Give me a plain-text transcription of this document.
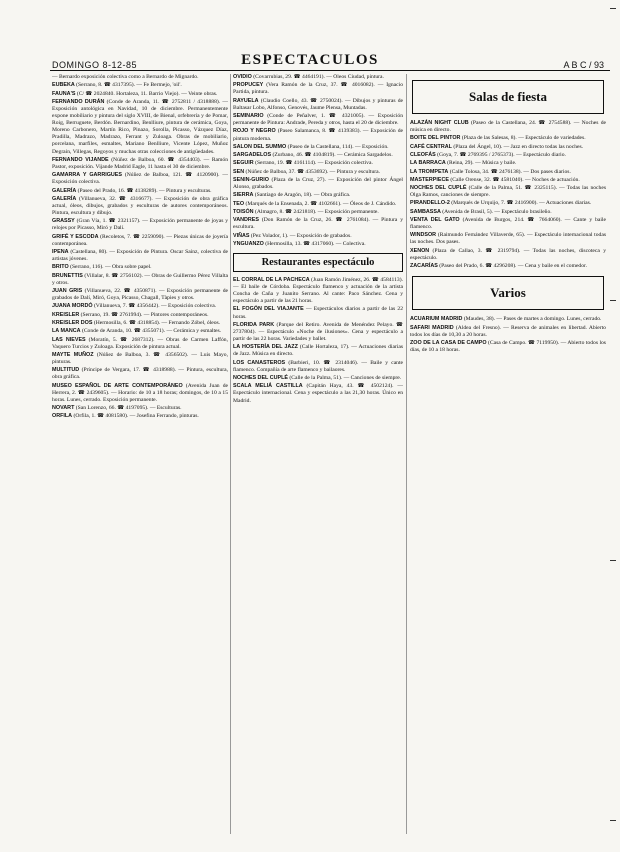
DOMINGO 8-12-85	ESPECTACULOS	A B C / 93
— Bernardo exposición colectiva como a Bernardo de Mignardo.
EUBEKA (Serrano, 8. ☎ 4317395). — Fe Bermejo, 'oil'.
FAUNA'S (C/ ☎ 2024840. Hortaleza, 11. Barrio Viejo). — Veinte obras.
FERNANDO DURÁN (Conde de Aranda, 11. ☎ 2752811 / 4318888). — Exposición antológica en Navidad, 10 de diciembre. Permanentemente expone mobiliario y pintura del siglo XVIII, de Bienal, orfebrería y de Pomar, Roig, Berruguete, Berdón. Bernardino, Benlliure, pintura de cerámica, Goya, Moreno Carbonero, Martín Rico, Pinazo, Sorolla, Picasso, Vázquez Díaz, Pradilla, Madrazo, Madrazo, Ferrant y Zuloaga. Obras de mobiliario, porcelana, marfiles, esmaltes, Mariano Benlliure, Vicente López, Muñoz Degrain, Villegas, Regoyos y muchas otras colecciones de antigüedades.
FERNANDO VIJANDE (Núñez de Balboa, 60. ☎ 4354403). — Ramón Pastor, exposición. Vijande Madrid Eagle, 11 hasta el 30 de diciembre.
GAMARRA Y GARRIGUES (Núñez de Balboa, 121. ☎ 4120900). — Exposición colectiva.
GALERÍA (Paseo del Prado, 16. ☎ 4138289). — Pintura y esculturas.
GALERÍA (Villanueva, 32. ☎ 4316677). — Exposición de obra gráfica actual, óleos, dibujos, grabados y esculturas de autores contemporáneos. Pintura, escultura y dibujo.
GRASSY (Gran Vía, 1. ☎ 2321157). — Exposición permanente de joyas y relojes por Picasso, Miró y Dalí.
GRIFÉ Y ESCODA (Recoletos, 7. ☎ 2259090). — Piezas únicas de joyería contemporánea.
IPENA (Castellana, 80). — Exposición de Pintura. Oscar Sainz, colectiva de artistas jóvenes.
BRITO (Serrano, 116). — Obra sobre papel.
BRUNETTIS (Villalar, 8. ☎ 2756102). — Obras de Guillermo Pérez Villalta y otros.
JUAN GRIS (Villanueva, 22. ☎ 4350871). — Exposición permanente de grabados de Dalí, Miró, Goya, Picasso, Chagall, Tàpies y otros.
JUANA MORDÓ (Villanueva, 7. ☎ 4356442). — Exposición colectiva.
KREISLER (Serrano, 19. ☎ 2761994). — Pintores contemporáneos.
KREISLER DOS (Hermosilla, 6. ☎ 4318854). — Fernando Zóbel, óleos.
LA MANCA (Conde de Aranda, 10. ☎ 4355071). — Cerámica y esmaltes.
LAS NIEVES (Moratín, 5. ☎ 2687312). — Obras de Carmen Laffón, Vaquero Turcios y Zuloaga. Exposición de pintura actual.
MAYTE MUÑOZ (Núñez de Balboa, 3. ☎ 4356502). — Luis Mayo, pinturas.
MULTITUD (Príncipe de Vergara, 17. ☎ 4318988). — Pintura, escultura, obra gráfica.
MUSEO ESPAÑOL DE ARTE CONTEMPORÁNEO (Avenida Juan de Herrera, 2. ☎ 2439605). — Horario: de 10 a 18 horas; domingos, de 10 a 15 horas. Lunes, cerrado. Exposición permanente.
NOVART (San Lorenzo, 66. ☎ 4197095). — Esculturas.
ORFILA (Orfila, 1. ☎ 4081580). — Josefina Ferrando, pinturas.
OVIDIO (Covarrubias, 29. ☎ 4464191). — Óleos Ciudad, pintura.
PROPUCEY (Vera Ramón de la Cruz, 37. ☎ 4016082). — Ignacio Partida, pintura.
RAYUELA (Claudio Coello, 43. ☎ 2750024). — Dibujos y pinturas de Baltasar Lobo, Alfonso, Genovés, Jaume Plensa, Muntadas.
SEMINARIO (Conde de Peñalver, 1. ☎ 4321005). — Exposición permanente de Pintura: Andrade, Pereda y otros, hasta el 20 de diciembre.
ROJO Y NEGRO (Paseo Salamanca, 8. ☎ 4139383). — Exposición de pintura moderna.
SALON DEL SUMMO (Paseo de la Castellana, 114). — Exposición.
SARGADELOS (Zurbano, 46. ☎ 4104819). — Cerámica Sargadelos.
SEGUIR (Serrano, 19. ☎ 4161114). — Exposición colectiva.
SEN (Núñez de Balboa, 37. ☎ 4353692). — Pintura y escultura.
SENIN-GURIO (Plaza de la Cruz, 27). — Exposición del pintor Ángel Alonso, grabados.
SIERRA (Santiago de Aragón, 18). — Obra gráfica.
TEO (Marqués de la Ensenada, 2. ☎ 4102661). — Óleos de J. Cándido.
TOISÓN (Almagro, 8. ☎ 2421818). — Exposición permanente.
VANDRES (Don Ramón de la Cruz, 26. ☎ 2761084). — Pintura y escultura.
VIÑAS (Pez Volador, 1). — Exposición de grabados.
YNGUANZO (Hermosilla, 13. ☎ 4317060). — Colectiva.
Restaurantes espectáculo
EL CORRAL DE LA PACHECA (Juan Ramón Jiménez, 26. ☎ 4584113). — El baile de Córdoba. Espectáculo flamenco y actuación de la artista Concha de Caña y Juanito Serrano. Al cante: Paco Sánchez. Cena y espectáculo a partir de las 21 horas.
EL FOGÓN DEL VIAJANTE — Espectáculos diarios a partir de las 22 horas.
FLORIDA PARK (Parque del Retiro. Avenida de Menéndez Pelayo. ☎ 2737804). — Espectáculo «Noche de ilusiones». Cena y espectáculo a partir de las 22 horas. Variedades y ballet.
LA HOSTERÍA DEL JAZZ (Calle Hortaleza, 17). — Actuaciones diarias de Jazz. Música en directo.
LOS CANASTEROS (Barbieri, 10. ☎ 2314046). — Baile y cante flamenco. Compañía de arte flamenco y bailaores.
NOCHES DEL CUPLÉ (Calle de la Palma, 51). — Canciones de siempre.
SCALA MELIÁ CASTILLA (Capitán Haya, 43. ☎ 4502124). — Espectáculo internacional. Cena y espectáculo a las 21,30 horas. Único en Madrid.
Salas de fiesta
ALAZÁN NIGHT CLUB (Paseo de la Castellana, 24. ☎ 2754588). — Noches de música en directo.
BOITE DEL PINTOR (Plaza de las Salesas, 8). — Espectáculo de variedades.
CAFÉ CENTRAL (Plaza del Ángel, 10). — Jazz en directo todas las noches.
CLEOFÁS (Goya, 7. ☎ 2769395 / 2765373). — Espectáculo diario.
LA BARRACA (Reina, 29). — Música y baile.
LA TROMPETA (Calle Tolosa, 34. ☎ 2476138). — Dos pases diarios.
MASTERPIECE (Calle Orense, 32. ☎ 4581040). — Noches de actuación.
NOCHES DEL CUPLÉ (Calle de la Palma, 51. ☎ 2325115). — Todas las noches Olga Ramos, canciones de siempre.
PIRANDELLO-2 (Marqués de Urquijo, 7. ☎ 2416900). — Actuaciones diarias.
SAMBASSA (Avenida de Brasil, 5). — Espectáculo brasileño.
VENTA DEL GATO (Avenida de Burgos, 214. ☎ 7664060). — Cante y baile flamenco.
WINDSOR (Raimundo Fernández Villaverde, 65). — Espectáculo internacional todas las noches. Dos pases.
XENON (Plaza de Callao, 3. ☎ 2319794). — Todas las noches, discoteca y espectáculo.
ZACARÍAS (Paseo del Prado, 6. ☎ 4296208). — Cena y baile en el comedor.
Varios
ACUARIUM MADRID (Maudes, 38). — Pases de martes a domingo. Lunes, cerrado.
SAFARI MADRID (Aldea del Fresno). — Reserva de animales en libertad. Abierto todos los días de 10,30 a 20 horas.
ZOO DE LA CASA DE CAMPO (Casa de Campo. ☎ 7119950). — Abierto todos los días, de 10 a 18 horas.
